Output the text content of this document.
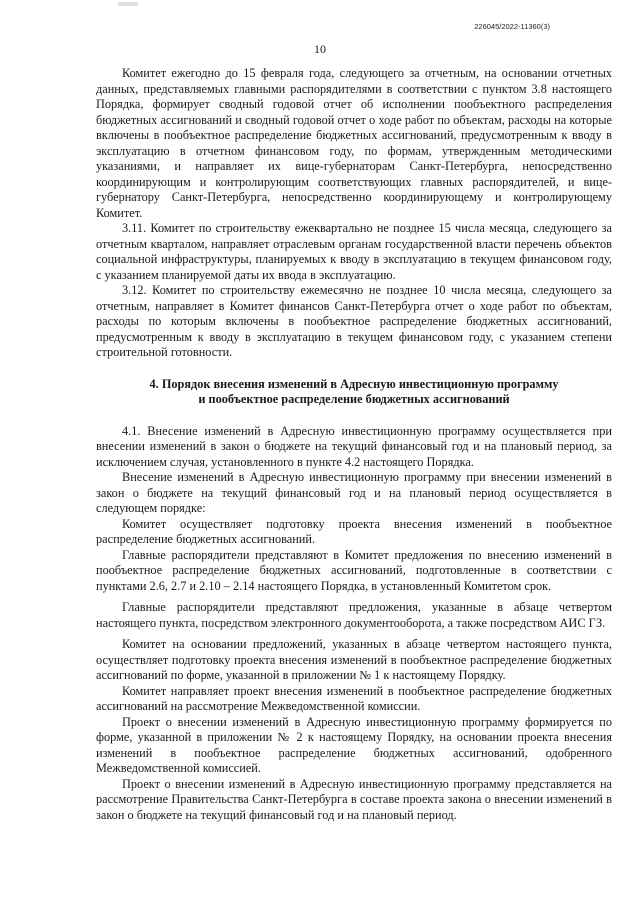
226045/2022-11360(3)
10

Комитет ежегодно до 15 февраля года, следующего за отчетным, на основании отчетных данных, представляемых главными распорядителями в соответствии с пунктом 3.8 настоящего Порядка, формирует сводный годовой отчет об исполнении пообъектного распределения бюджетных ассигнований и сводный годовой отчет о ходе работ по объектам, расходы на которые включены в пообъектное распределение бюджетных ассигнований, предусмотренным к вводу в эксплуатацию в отчетном финансовом году, по формам, утвержденным методическими указаниями, и направляет их вице-губернаторам Санкт-Петербурга, непосредственно координирующим и контролирующим соответствующих главных распорядителей, и вице-губернатору Санкт-Петербурга, непосредственно координирующему и контролирующему Комитет.

3.11. Комитет по строительству ежеквартально не позднее 15 числа месяца, следующего за отчетным кварталом, направляет отраслевым органам государственной власти перечень объектов социальной инфраструктуры, планируемых к вводу в эксплуатацию в текущем финансовом году, с указанием планируемой даты их ввода в эксплуатацию.

3.12. Комитет по строительству ежемесячно не позднее 10 числа месяца, следующего за отчетным, направляет в Комитет финансов Санкт-Петербурга отчет о ходе работ по объектам, расходы по которым включены в пообъектное распределение бюджетных ассигнований, предусмотренным к вводу в эксплуатацию в текущем финансовом году, с указанием степени строительной готовности.

4. Порядок внесения изменений в Адресную инвестиционную программу

и пообъектное распределение бюджетных ассигнований

4.1. Внесение изменений в Адресную инвестиционную программу осуществляется при внесении изменений в закон о бюджете на текущий финансовый год и на плановый период, за исключением случая, установленного в пункте 4.2 настоящего Порядка.

Внесение изменений в Адресную инвестиционную программу при внесении изменений в закон о бюджете на текущий финансовый год и на плановый период осуществляется в следующем порядке:

Комитет осуществляет подготовку проекта внесения изменений в пообъектное распределение бюджетных ассигнований.

Главные распорядители представляют в Комитет предложения по внесению изменений в пообъектное распределение бюджетных ассигнований, подготовленные в соответствии с пунктами 2.6, 2.7 и 2.10 – 2.14 настоящего Порядка, в установленный Комитетом срок.

Главные распорядители представляют предложения, указанные в абзаце четвертом настоящего пункта, посредством электронного документооборота, а также посредством АИС ГЗ.

Комитет на основании предложений, указанных в абзаце четвертом настоящего пункта, осуществляет подготовку проекта внесения изменений в пообъектное распределение бюджетных ассигнований по форме, указанной в приложении № 1 к настоящему Порядку.

Комитет направляет проект внесения изменений в пообъектное распределение бюджетных ассигнований на рассмотрение Межведомственной комиссии.

Проект о внесении изменений в Адресную инвестиционную программу формируется по форме, указанной в приложении № 2 к настоящему Порядку, на основании проекта внесения изменений в пообъектное распределение бюджетных ассигнований, одобренного Межведомственной комиссией.

Проект о внесении изменений в Адресную инвестиционную программу представляется на рассмотрение Правительства Санкт-Петербурга в составе проекта закона о внесении изменений в закон о бюджете на текущий финансовый год и на плановый период.
